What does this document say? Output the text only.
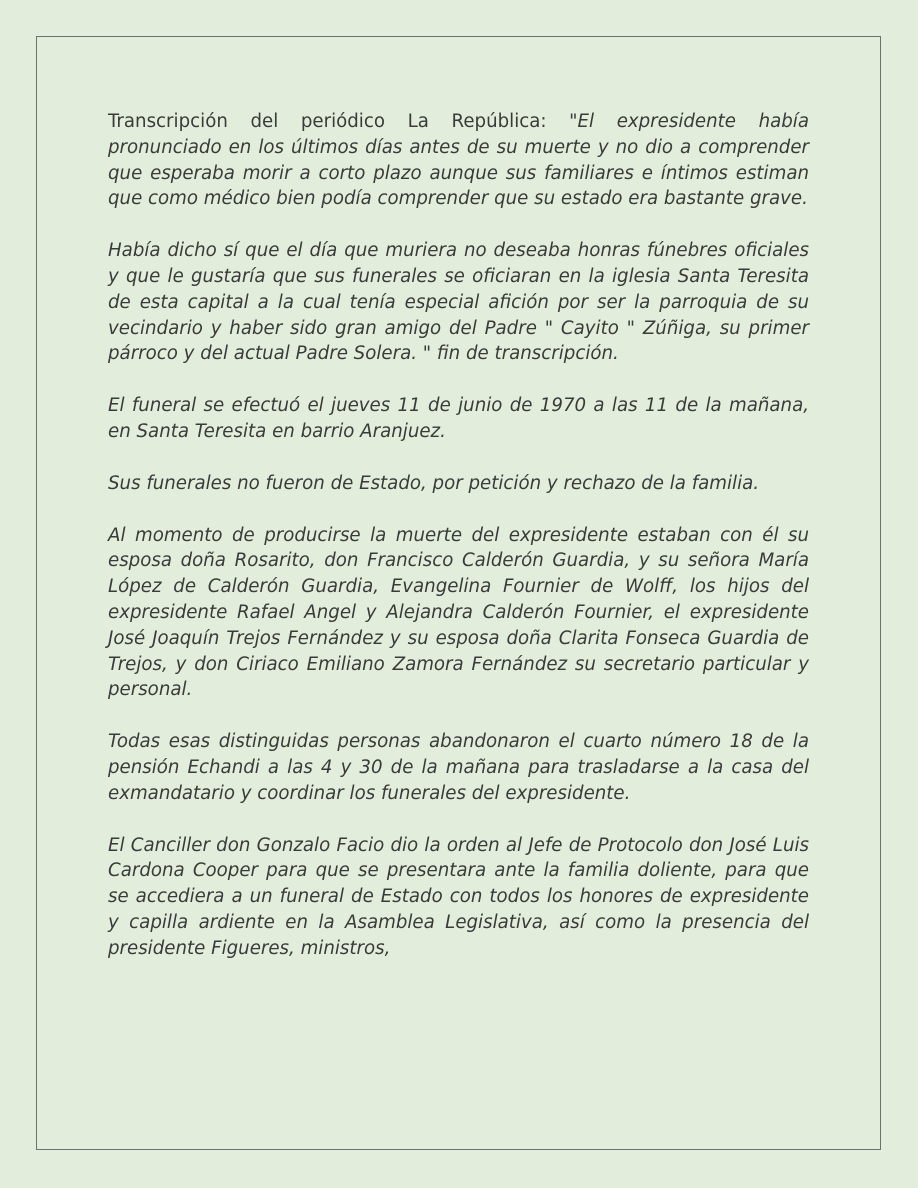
Transcripción del periódico La República: "El expresidente había pronunciado en los últimos días antes de su muerte y no dio a comprender que esperaba morir a corto plazo aunque sus familiares e íntimos estiman que como médico bien podía comprender que su estado era bastante grave.

Había dicho sí que el día que muriera no deseaba honras fúnebres oficiales y que le gustaría que sus funerales se oficiaran en la iglesia Santa Teresita de esta capital a la cual tenía especial afición por ser la parroquia de su vecindario y haber sido gran amigo del Padre " Cayito " Zúñiga, su primer párroco y del actual Padre Solera. " fin de transcripción.

El funeral se efectuó el jueves 11 de junio de 1970 a las 11 de la mañana, en Santa Teresita en barrio Aranjuez.

Sus funerales no fueron de Estado, por petición y rechazo de la familia.

Al momento de producirse la muerte del expresidente estaban con él su esposa doña Rosarito, don Francisco Calderón Guardia, y su señora María López de Calderón Guardia, Evangelina Fournier de Wolff, los hijos del expresidente Rafael Angel y Alejandra Calderón Fournier, el expresidente José Joaquín Trejos Fernández y su esposa doña Clarita Fonseca Guardia de Trejos, y don Ciriaco Emiliano Zamora Fernández su secretario particular y personal.

Todas esas distinguidas personas abandonaron el cuarto número 18 de la pensión Echandi a las 4 y 30 de la mañana para trasladarse a la casa del exmandatario y coordinar los funerales del expresidente.

El Canciller don Gonzalo Facio dio la orden al Jefe de Protocolo don José Luis Cardona Cooper para que se presentara ante la familia doliente, para que se accediera a un funeral de Estado con todos los honores de expresidente y capilla ardiente en la Asamblea Legislativa, así como la presencia del presidente Figueres, ministros,
